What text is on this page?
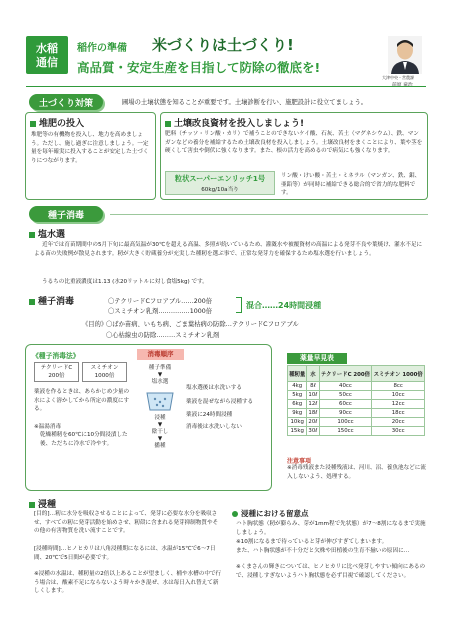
水稲
通信
稲作の準備 米づくりは土づくり!
高品質・安定生産を目指して防除の徹底を!
大津中央・営農課
土づくり対策	圃場の土壌状態を知ることが重要です。土壌診断を行い、施肥設計に役立てましょう。
堆肥の投入
堆肥等の有機物を投入し、地力を高めましょう。ただし、施し過ぎに注意しましょう。一定量を毎年確実に投入することが安定した土づくりにつながります。
土壌改良資材を投入しましょう!
肥料（チッソ・リン酸・カリ）で補うことのできないケイ酸、石灰、苦土（マグネシウム）、鉄、マンガンなどの養分を補給するため土壌改良材を投入しましょう。土壌改良材をまくことにより、葉や茎を硬くして害虫や倒伏に強くなります。また、根の活力を高めるので病気にも強くなります。
粒状スーパーエンリッチ1号
60kg/10a当り
リン酸・けい酸・苦土・ミネラル（マンガン、鉄、鉬、亜鉛等）が同時に補給できる総合的で省力的な肥料です。
種子消毒
塩水選
近年では育苗期間中の5月下旬に最高気温が30℃を超える高温、多照が続いているため、灌漑水や被覆資材の高温による発芽不良や葉焼け、灌水不足による苗の失敗例が散見されます。籾が大きく貯蔵養分が充実した種籾を選ぶ事で、正常な発芽力を確保するため塩水選を行いましょう。
うるちの比重液濃度は1.13 (水20リットルに対し食塩5kg) です。
種子消毒	〇テクリードCフロアブル……200倍
〇スミチオン乳剤……………1000倍
混合……24時間浸種
《目的》
〇ばか苗病、いもち病、ごま葉枯病の防除…テクリードCフロアブル
〇心枯線虫の防除………スミチオン乳剤
《種子消毒法》
テクリードC
200倍
スミチオン
1000倍
薬液を作るときは、あらかじめ少量の水によく溶かしてから所定の濃度にする。
※温湯消毒
乾燥種籾を60℃に10分間浸漬した後、ただちに冷水で冷やす。
消毒順序
種子準備
▼
塩水選
浸種
▼
陰干し
▼
播種
塩水選後は水洗いする
薬液を混ぜながら浸種する
薬液に24時間浸種
消毒後は水洗いしない
薬量早見表
種籾量	水	テクリードC 200倍	スミチオン 1000倍
4kg	8ℓ	40cc	8cc
5kg	10ℓ	50cc	10cc
6kg	12ℓ	60cc	12cc
9kg	18ℓ	90cc	18cc
10kg	20ℓ	100cc	20cc
15kg	30ℓ	150cc	30cc
注意事項
※消毒残液また浸種残液は、河川、沼、養魚池などに流入しないよう、処理する。
浸種
[目的]…籾に水分を吸収させることによって、発芽に必要な水分を吸収させ、すべての籾に発芽活動を始めさせ、籾殻に含まれる発芽抑制物質やその他の有害物質を洗い流すことです。
[浸種時間]…ヒノヒカリは八角浸種期になるには、水温が15℃で6〜7日間、20℃で5日間が必要です。
※浸種の水温は、種籾量の2倍以上あることが望ましく、桶や水槽の中で行う場合は、酸素不足にならないよう時々かき混ぜ、水は毎日入れ替えて新しくします。
浸種における留意点
ハト胸状態（籾が膨らみ、芽が1mm程で先状態）が7〜8割になるまで実施しましょう。
※10割になるまで待っていると芽が伸びすぎてしまいます。
また、ハト胸状態が不十分だと欠株や田植後の生育不揃いの原因に…
※くまさんの輝きについては、ヒノヒカリに比べ発芽しやすい傾向にあるので、浸種しすぎないようハト胸状態を必ず目視で確認してください。
